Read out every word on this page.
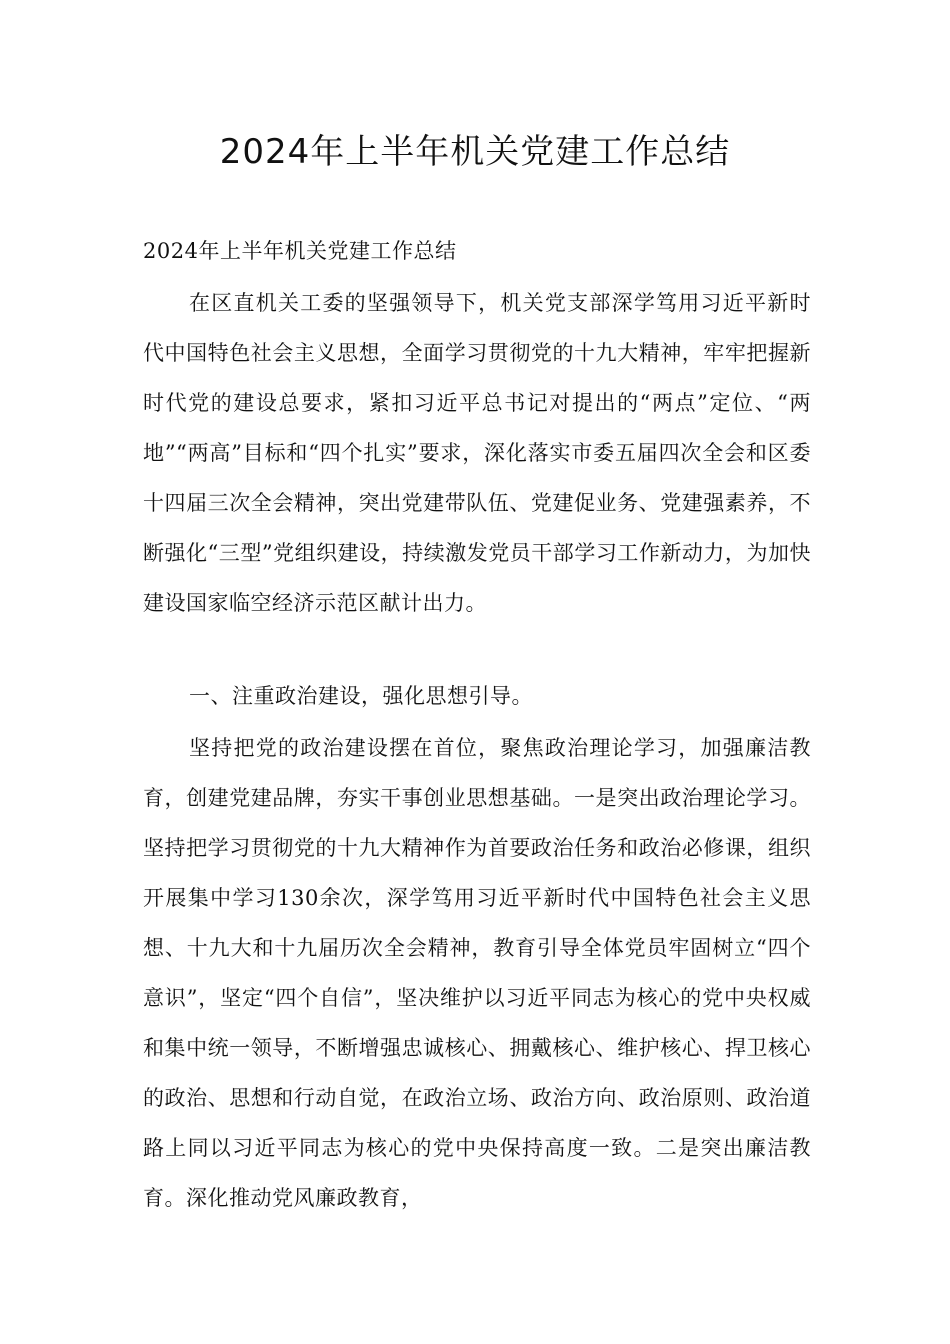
2024年上半年机关党建工作总结

2024年上半年机关党建工作总结

在区直机关工委的坚强领导下，机关党支部深学笃用习近平新时代中国特色社会主义思想，全面学习贯彻党的十九大精神，牢牢把握新时代党的建设总要求，紧扣习近平总书记对提出的“两点”定位、“两地”“两高”目标和“四个扎实”要求，深化落实市委五届四次全会和区委十四届三次全会精神，突出党建带队伍、党建促业务、党建强素养，不断强化“三型”党组织建设，持续激发党员干部学习工作新动力，为加快建设国家临空经济示范区献计出力。

一、注重政治建设，强化思想引导。

坚持把党的政治建设摆在首位，聚焦政治理论学习，加强廉洁教育，创建党建品牌，夯实干事创业思想基础。一是突出政治理论学习。坚持把学习贯彻党的十九大精神作为首要政治任务和政治必修课，组织开展集中学习130余次，深学笃用习近平新时代中国特色社会主义思想、十九大和十九届历次全会精神，教育引导全体党员牢固树立“四个意识”，坚定“四个自信”，坚决维护以习近平同志为核心的党中央权威和集中统一领导，不断增强忠诚核心、拥戴核心、维护核心、捍卫核心的政治、思想和行动自觉，在政治立场、政治方向、政治原则、政治道路上同以习近平同志为核心的党中央保持高度一致。二是突出廉洁教育。深化推动党风廉政教育，
